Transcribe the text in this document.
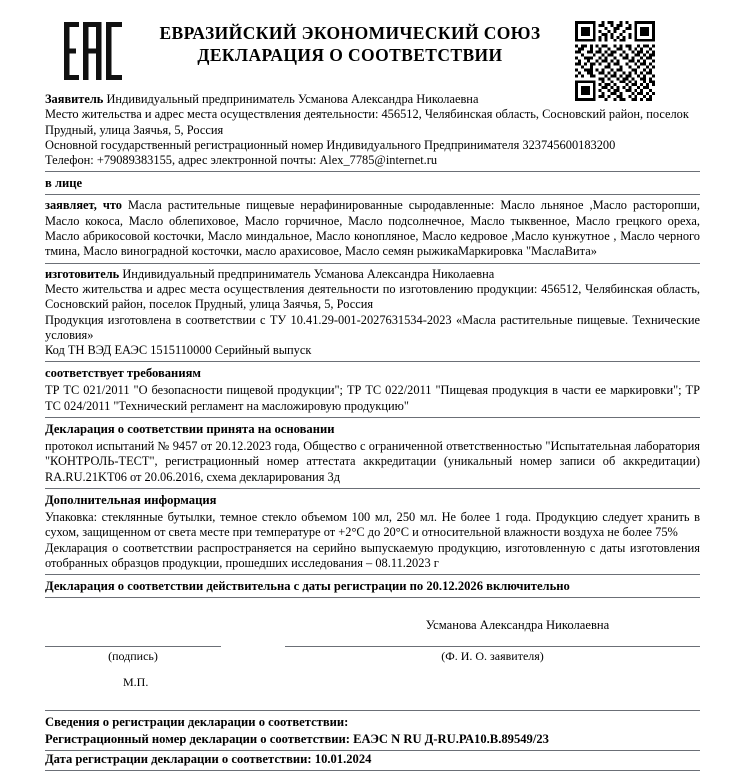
ЕВРАЗИЙСКИЙ ЭКОНОМИЧЕСКИЙ СОЮЗ
ДЕКЛАРАЦИЯ О СООТВЕТСТВИИ

Заявитель Индивидуальный предприниматель Усманова Александра Николаевна

Место жительства и адрес места осуществления деятельности: 456512, Челябинская область, Сосновский район, поселок Прудный, улица Заячья, 5, Россия

Основной государственный регистрационный номер Индивидуального Предпринимателя 323745600183200

Телефон: +79089383155, адрес электронной почты: Alex_7785@internet.ru

в лице

заявляет, что Масла растительные пищевые нерафинированные сыродавленные: Масло льняное ,Масло расторопши, Масло кокоса, Масло облепиховое, Масло горчичное, Масло подсолнечное, Масло тыквенное, Масло грецкого ореха, Масло абрикосовой косточки, Масло миндальное, Масло конопляное, Масло кедровое ,Масло кунжутное , Масло черного тмина, Масло виноградной косточки, масло арахисовое, Масло семян рыжикаМаркировка "МаслаВита»

изготовитель Индивидуальный предприниматель Усманова Александра Николаевна

Место жительства и адрес места осуществления деятельности по изготовлению продукции: 456512, Челябинская область, Сосновский район, поселок Прудный, улица Заячья, 5, Россия

Продукция изготовлена в соответствии с ТУ 10.41.29-001-2027631534-2023 «Масла растительные пищевые. Технические условия»

Код ТН ВЭД ЕАЭС 1515110000 Серийный выпуск

соответствует требованиям

ТР ТС 021/2011 "О безопасности пищевой продукции"; ТР ТС 022/2011 "Пищевая продукция в части ее маркировки"; ТР ТС 024/2011 "Технический регламент на масложировую продукцию"

Декларация о соответствии принята на основании

протокол испытаний № 9457 от 20.12.2023 года, Общество с ограниченной ответственностью "Испытательная лаборатория "КОНТРОЛЬ-ТЕСТ", регистрационный номер аттестата аккредитации (уникальный номер записи об аккредитации) RA.RU.21KT06 от 20.06.2016, схема декларирования 3д

Дополнительная информация

Упаковка: стеклянные бутылки, темное стекло объемом 100 мл, 250 мл. Не более 1 года. Продукцию следует хранить в сухом, защищенном от света месте при температуре от +2°С до 20°С и относительной влажности воздуха не более 75%

Декларация о соответствии распространяется на серийно выпускаемую продукцию, изготовленную с даты изготовления отобранных образцов продукции, прошедших исследования – 08.11.2023 г

Декларация о соответствии действительна с даты регистрации по 20.12.2026 включительно

Усманова Александра Николаевна
(подпись)	(Ф. И. О. заявителя)
М.П.
Сведения о регистрации декларации о соответствии:
Регистрационный номер декларации о соответствии: ЕАЭС N RU Д-RU.РА10.В.89549/23
Дата регистрации декларации о соответствии: 10.01.2024
